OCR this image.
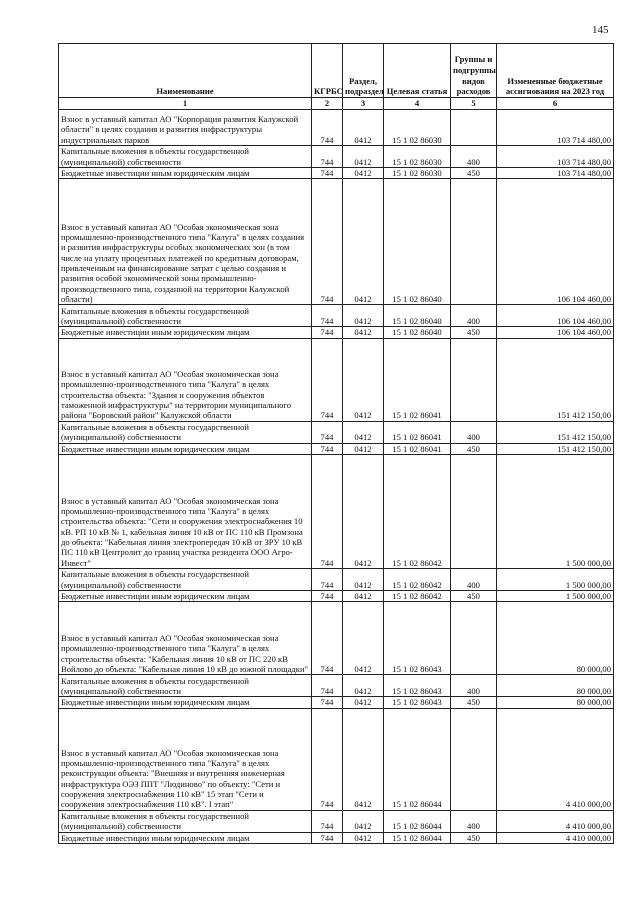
145
Наименование	КГРБС	Раздел, подраздел	Целевая статья	Группы и подгруппы видов расходов	Измененные бюджетные ассигнования на 2023 год
1	2	3	4	5	6
Взнос в уставный капитал АО "Корпорация развития Калужской области" в целях создания и развития инфраструктуры индустриальных парков	744	0412	15 1 02 86030		103 714 480,00
Капитальные вложения в объекты государственной (муниципальной) собственности	744	0412	15 1 02 86030	400	103 714 480,00
Бюджетные инвестиции иным юридическим лицам	744	0412	15 1 02 86030	450	103 714 480,00
Взнос в уставный капитал АО "Особая экономическая зона промышленно-производственного типа "Калуга" в целях создания и развития инфраструктуры особых экономических зон (в том числе на уплату процентных платежей по кредитным договорам, привлеченным на финансирование затрат с целью создания и развития особой экономической зоны промышленно-производственного типа, созданной на территории Калужской области)	744	0412	15 1 02 86040		106 104 460,00
Капитальные вложения в объекты государственной (муниципальной) собственности	744	0412	15 1 02 86040	400	106 104 460,00
Бюджетные инвестиции иным юридическим лицам	744	0412	15 1 02 86040	450	106 104 460,00
Взнос в уставный капитал АО "Особая экономическая зона промышленно-производственного типа "Калуга" в целях строительства объекта: "Здания и сооружения объектов таможенной инфраструктуры" на территории муниципального района "Боровский район" Калужской области	744	0412	15 1 02 86041		151 412 150,00
Капитальные вложения в объекты государственной (муниципальной) собственности	744	0412	15 1 02 86041	400	151 412 150,00
Бюджетные инвестиции иным юридическим лицам	744	0412	15 1 02 86041	450	151 412 150,00
Взнос в уставный капитал АО "Особая экономическая зона промышленно-производственного типа "Калуга" в целях строительства объекта: "Сети и сооружения электроснабжения 10 кВ. РП 10 кВ № 1, кабельная линия 10 кВ от ПС 110 кВ Промзона до объекта: "Кабельная линия электропередач 10 кВ от ЗРУ 10 кВ ПС 110 кВ Центролит до границ участка резидента ООО Агро-Инвест"	744	0412	15 1 02 86042		1 500 000,00
Капитальные вложения в объекты государственной (муниципальной) собственности	744	0412	15 1 02 86042	400	1 500 000,00
Бюджетные инвестиции иным юридическим лицам	744	0412	15 1 02 86042	450	1 500 000,00
Взнос в уставный капитал АО "Особая экономическая зона промышленно-производственного типа "Калуга" в целях строительства объекта: "Кабельная линия 10 кВ от ПС 220 кВ Войлово до объекта: "Кабельная линия 10 кВ до южной площадки"	744	0412	15 1 02 86043		80 000,00
Капитальные вложения в объекты государственной (муниципальной) собственности	744	0412	15 1 02 86043	400	80 000,00
Бюджетные инвестиции иным юридическим лицам	744	0412	15 1 02 86043	450	80 000,00
Взнос в уставный капитал АО "Особая экономическая зона промышленно-производственного типа "Калуга" в целях реконструкции объекта: "Внешняя и внутренняя инженерная инфраструктура ОЭЗ ППТ "Людиново" по объекту: "Сети и сооружения электроснабжения 110 кВ" 15 этап "Сети и сооружения электроснабжения 110 кВ". I этап"	744	0412	15 1 02 86044		4 410 000,00
Капитальные вложения в объекты государственной (муниципальной) собственности	744	0412	15 1 02 86044	400	4 410 000,00
Бюджетные инвестиции иным юридическим лицам	744	0412	15 1 02 86044	450	4 410 000,00
